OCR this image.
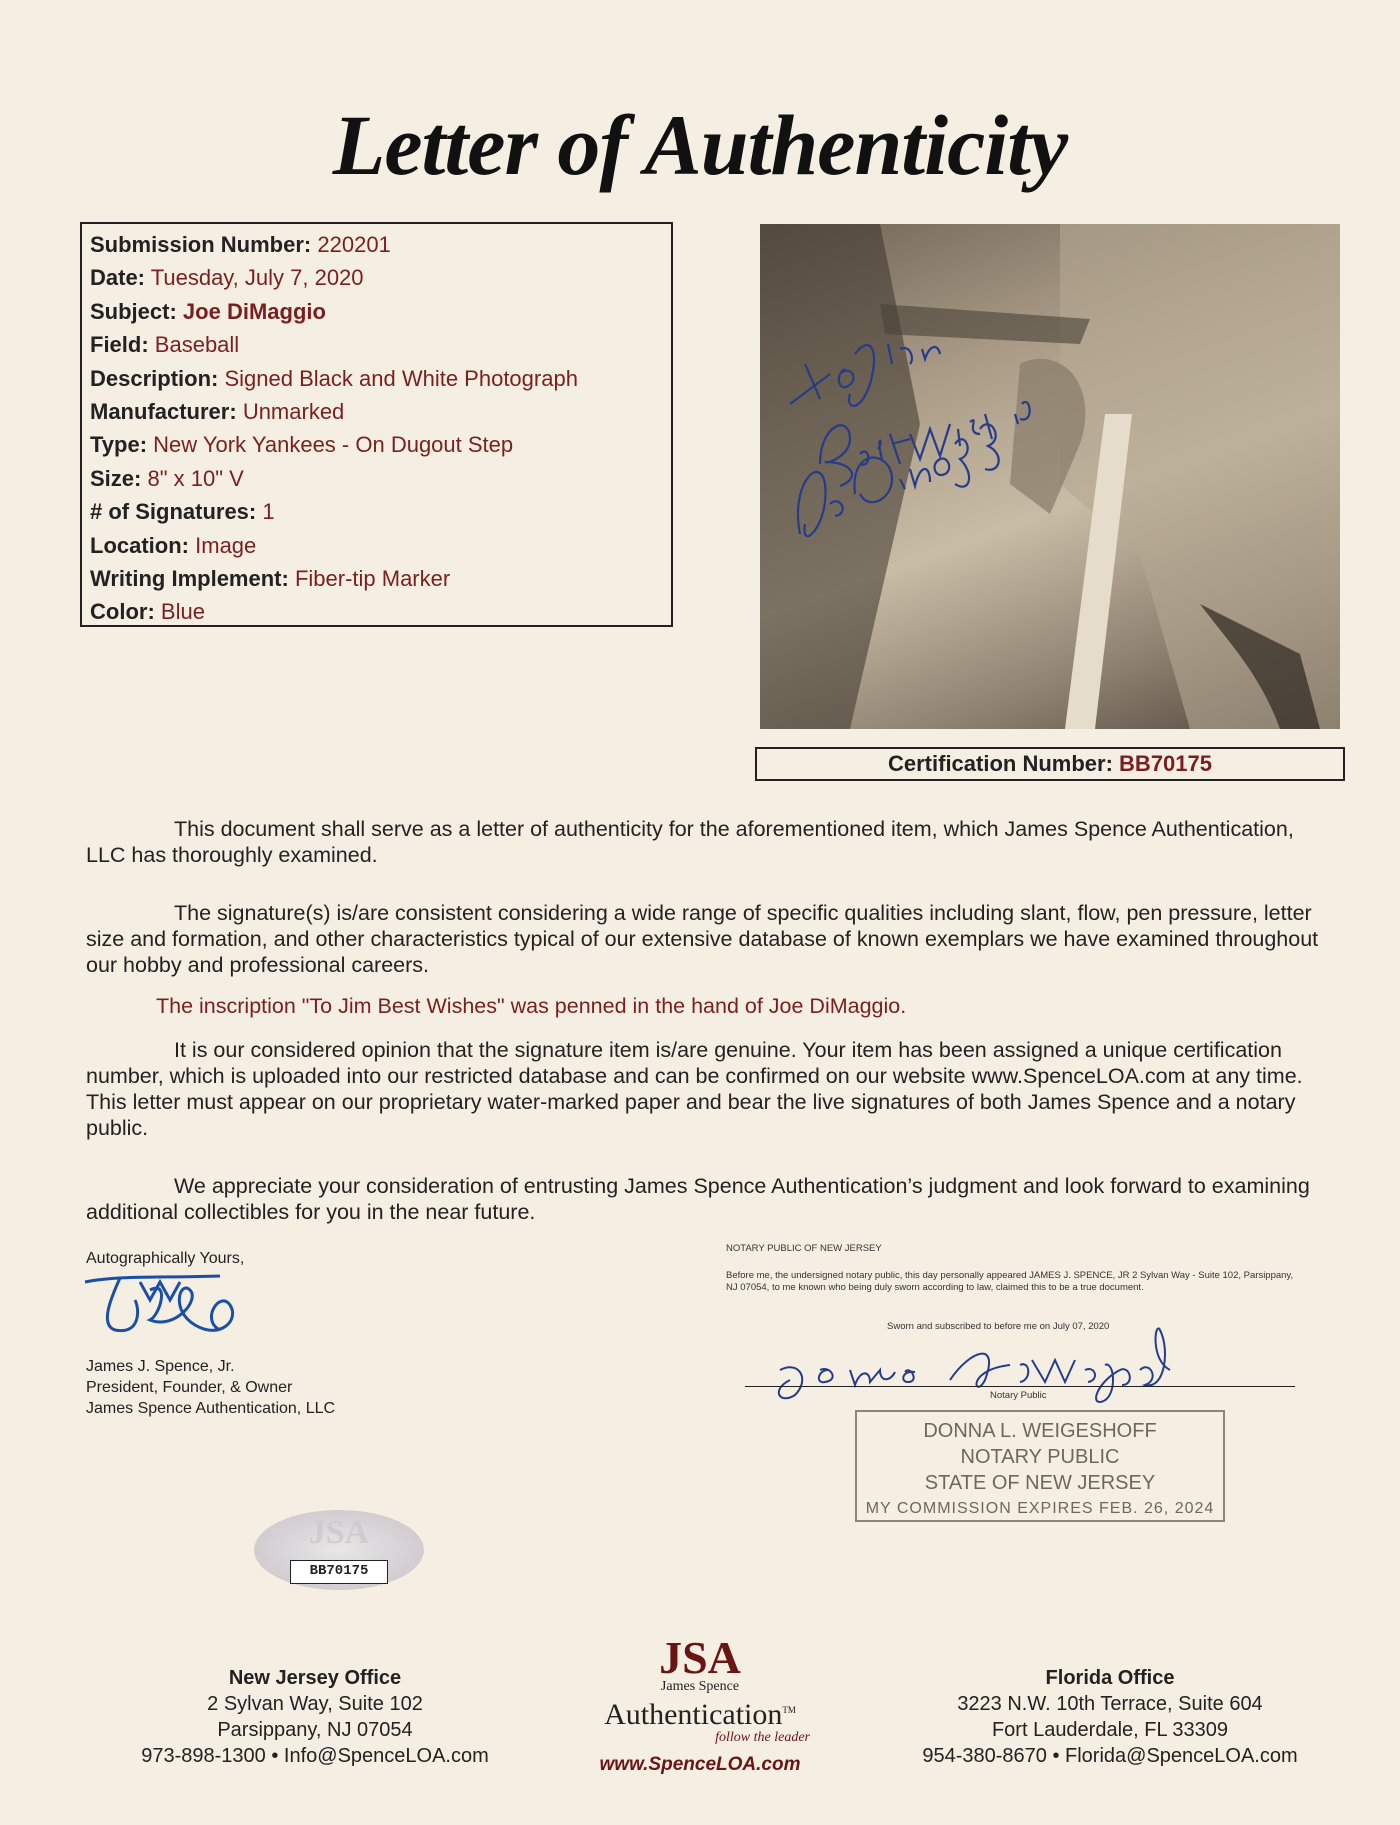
Letter of Authenticity
Submission Number: 220201
Date: Tuesday, July 7, 2020
Subject: Joe DiMaggio
Field: Baseball
Description: Signed Black and White Photograph
Manufacturer: Unmarked
Type: New York Yankees - On Dugout Step
Size: 8" x 10" V
# of Signatures: 1
Location: Image
Writing Implement: Fiber-tip Marker
Color: Blue
Certification Number: BB70175
This document shall serve as a letter of authenticity for the aforementioned item, which James Spence Authentication, LLC has thoroughly examined.
The signature(s) is/are consistent considering a wide range of specific qualities including slant, flow, pen pressure, letter size and formation, and other characteristics typical of our extensive database of known exemplars we have examined throughout our hobby and professional careers.
The inscription "To Jim Best Wishes" was penned in the hand of Joe DiMaggio.
It is our considered opinion that the signature item is/are genuine. Your item has been assigned a unique certification number, which is uploaded into our restricted database and can be confirmed on our website www.SpenceLOA.com at any time. This letter must appear on our proprietary water-marked paper and bear the live signatures of both James Spence and a notary public.
We appreciate your consideration of entrusting James Spence Authentication’s judgment and look forward to examining additional collectibles for you in the near future.
Autographically Yours,
James J. Spence, Jr.
President, Founder, & Owner
James Spence Authentication, LLC
NOTARY PUBLIC OF NEW JERSEY
Before me, the undersigned notary public, this day personally appeared JAMES J. SPENCE, JR 2 Sylvan Way - Suite 102, Parsippany, NJ 07054, to me known who being duly sworn according to law, claimed this to be a true document.
Sworn and subscribed to before me on July 07, 2020
Notary Public
DONNA L. WEIGESHOFF
NOTARY PUBLIC
STATE OF NEW JERSEY
MY COMMISSION EXPIRES FEB. 26, 2024
JSA
BB70175
New Jersey Office
2 Sylvan Way, Suite 102
Parsippany, NJ 07054
973-898-1300 • Info@SpenceLOA.com
JSA
James Spence
Authentication™
follow the leader
www.SpenceLOA.com
Florida Office
3223 N.W. 10th Terrace, Suite 604
Fort Lauderdale, FL 33309
954-380-8670 • Florida@SpenceLOA.com
